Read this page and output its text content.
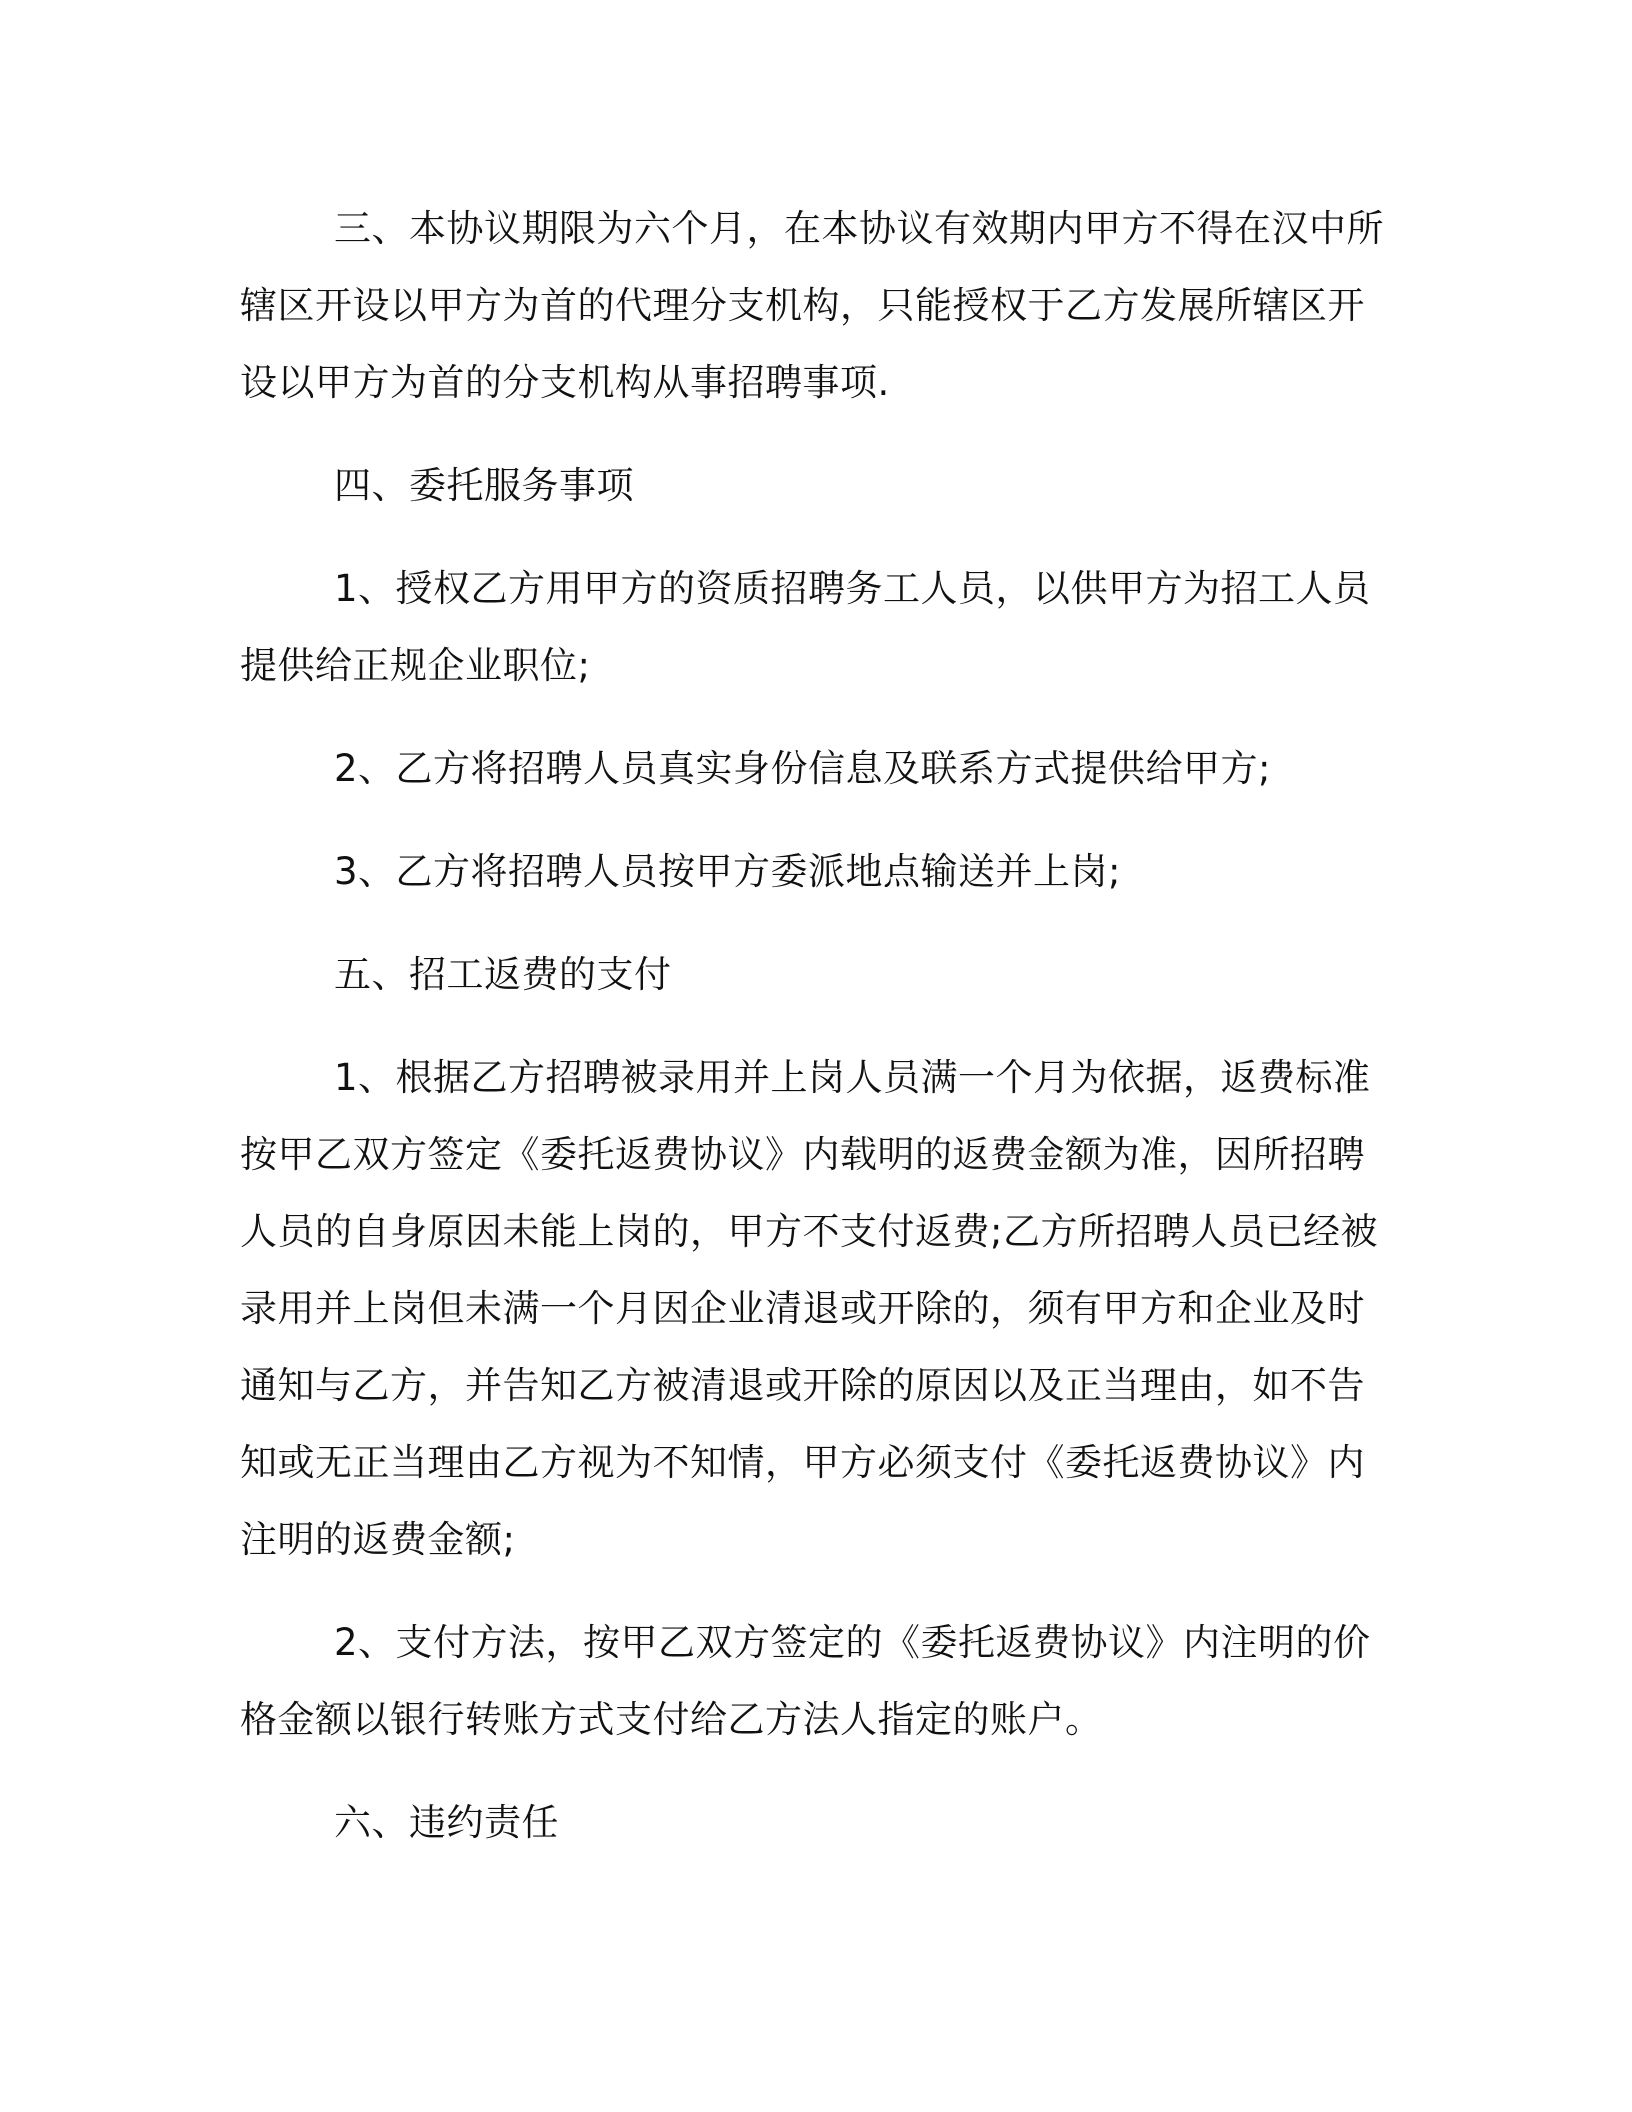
三、本协议期限为六个月，在本协议有效期内甲方不得在汉中所
辖区开设以甲方为首的代理分支机构，只能授权于乙方发展所辖区开
设以甲方为首的分支机构从事招聘事项.

四、委托服务事项

1、授权乙方用甲方的资质招聘务工人员，以供甲方为招工人员
提供给正规企业职位;

2、乙方将招聘人员真实身份信息及联系方式提供给甲方;

3、乙方将招聘人员按甲方委派地点输送并上岗;

五、招工返费的支付

1、根据乙方招聘被录用并上岗人员满一个月为依据，返费标准
按甲乙双方签定《委托返费协议》内载明的返费金额为准，因所招聘
人员的自身原因未能上岗的，甲方不支付返费;乙方所招聘人员已经被
录用并上岗但未满一个月因企业清退或开除的，须有甲方和企业及时
通知与乙方，并告知乙方被清退或开除的原因以及正当理由，如不告
知或无正当理由乙方视为不知情，甲方必须支付《委托返费协议》内
注明的返费金额;

2、支付方法，按甲乙双方签定的《委托返费协议》内注明的价
格金额以银行转账方式支付给乙方法人指定的账户。

六、违约责任
